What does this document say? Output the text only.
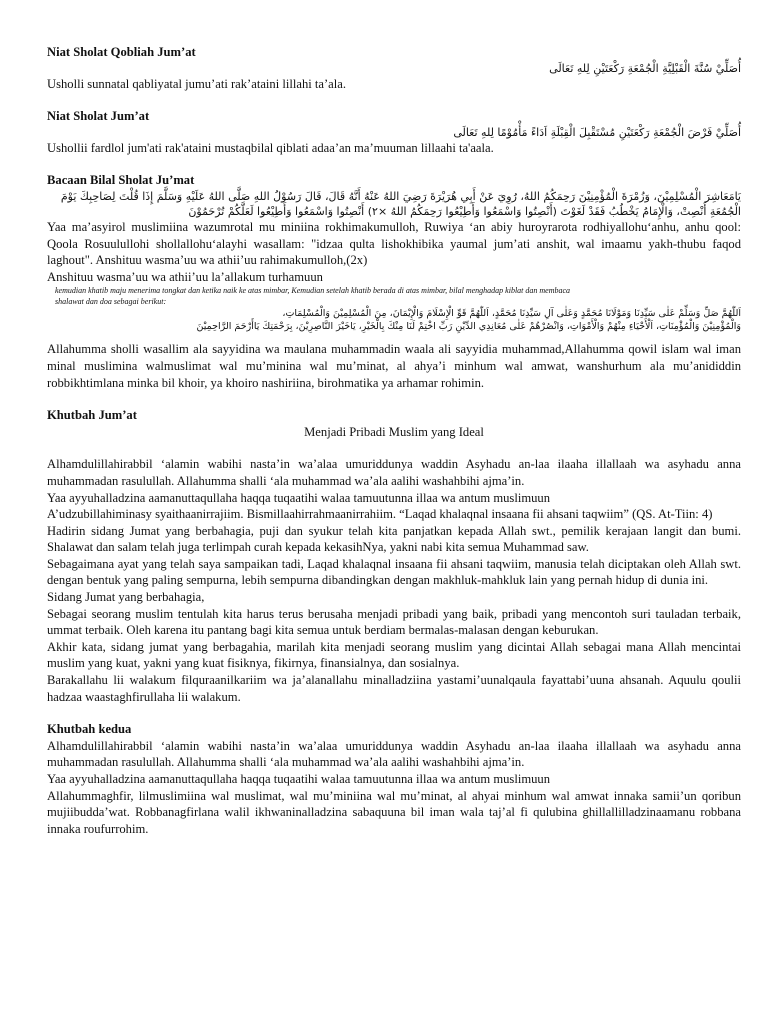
Niat Sholat Qobliah Jum’at

أُصَلِّيْ سُنَّةَ الْقَبْلِيَّةِ الْجُمْعَةِ رَكْعَتَيْنِ لِلهِ تَعَالَى

Usholli sunnatal qabliyatal jumu’ati rak’ataini lillahi ta’ala.

Niat Sholat Jum’at

أُصَلِّيْ فَرْضَ الْجُمْعَةِ رَكْعَتَيْنِ مُسْتَقْبِلَ الْقِبْلَةِ اَدَاءً مَأْمُوْمًا لِلهِ تَعَالَى

Ushollii fardlol jum'ati rak'ataini mustaqbilal qiblati adaa’an ma’muuman lillaahi ta'aala.

Bacaan Bilal Sholat Ju’mat

يَامَعَاشِرَ الْمُسْلِمِيْنَ، وَزُمْرَةَ الْمُؤْمِنِيْنَ رَحِمَكُمُ اللهُ، رُوِيَ عَنْ أَبِي هُرَيْرَةَ رَضِيَ اللهُ عَنْهُ أَنَّهُ قَالَ، قَالَ رَسُوْلُ اللهِ صَلَّى اللهُ عَلَيْهِ وَسَلَّمَ إِذَا قُلْتَ لِصَاحِبِكَ يَوْمَ

الْجُمُعَةِ أَنْصِتْ، وَالْإِمَامُ يَخْطُبُ فَقَدْ لَغَوْتَ (أَنْصِتُوا وَاسْمَعُوا وَأَطِيْعُوا رَحِمَكُمُ اللهُ ×٢) أَنْصِتُوا وَاسْمَعُوا وَأَطِيْعُوا لَعَلَّكُمْ تُرْحَمُوْنَ

Yaa ma’asyirol muslimiina wazumrotal mu miniina rokhimakumulloh, Ruwiya ‘an abiy huroyrarota rodhiyallohu‘anhu, anhu qool: Qoola Rosuulullohi shollallohu‘alayhi wasallam: "idzaa qulta lishokhibika yaumal jum’ati anshit, wal imaamu yakh-thubu faqod laghout". Anshituu wasma’uu wa athii’uu rahimakumulloh,(2x)

Anshituu wasma’uu wa athii’uu la’allakum turhamuun

kemudian khatib maju menerima tongkat dan ketika naik ke atas mimbar, Kemudian setelah khatib berada di atas mimbar, bilal menghadap kiblat dan membaca

shalawat dan doa sebagai berikut:

اَللّٰهُمَّ صَلِّ وَسَلِّمْ عَلٰى سَيِّدِنَا وَمَوْلَانَا مُحَمَّدٍ وَعَلٰى آلِ سَيِّدِنَا مُحَمَّدٍ، اَللّٰهُمَّ قَوِّ الْإِسْلَامَ وَالْإِيْمَانَ، مِنَ الْمُسْلِمِيْنَ وَالْمُسْلِمَاتِ،

وَالْمُؤْمِنِيْنَ وَالْمُؤْمِنَاتِ، اَلْأَحْيَاءِ مِنْهُمْ وَالْأَمْوَاتِ، وَانْصُرْهُمْ عَلٰى مُعَانِدِي الدِّيْنِ رَبِّ اخْتِمْ لَنَا مِنْكَ بِالْخَيْرِ، يَاخَيْرَ النَّاصِرِيْنَ، بِرَحْمَتِكَ يَاأَرْحَمَ الرَّاحِمِيْنَ

Allahumma sholli wasallim ala sayyidina wa maulana muhammadin waala ali sayyidia muhammad,Allahumma qowil islam wal iman minal muslimina walmuslimat wal mu’minina wal mu’minat, al ahya’i minhum wal amwat, wanshurhum ala mu’anididdin robbikhtimlana minka bil khoir, ya khoiro nashiriina, birohmatika ya arhamar rohimin.

Khutbah Jum’at

Menjadi Pribadi Muslim yang Ideal

Alhamdulillahirabbil ‘alamin wabihi nasta’in wa’alaa umuriddunya waddin Asyhadu an-laa ilaaha illallaah wa asyhadu anna muhammadan rasulullah. Allahumma shalli ‘ala muhammad wa’ala aalihi washahbihi ajma’in.

Yaa ayyuhalladzina aamanuttaqullaha haqqa tuqaatihi walaa tamuutunna illaa wa antum muslimuun

A’udzubillahiminasy syaithaanirrajiim. Bismillaahirrahmaanirrahiim. “Laqad khalaqnal insaana fii ahsani taqwiim” (QS. At-Tiin: 4)

Hadirin sidang Jumat yang berbahagia, puji dan syukur telah kita panjatkan kepada Allah swt., pemilik kerajaan langit dan bumi. Shalawat dan salam telah juga terlimpah curah kepada kekasihNya, yakni nabi kita semua Muhammad saw.

Sebagaimana ayat yang telah saya sampaikan tadi, Laqad khalaqnal insaana fii ahsani taqwiim, manusia telah diciptakan oleh Allah swt. dengan bentuk yang paling sempurna, lebih sempurna dibandingkan dengan makhluk-mahkluk lain yang pernah hidup di dunia ini.

Sidang Jumat yang berbahagia,

Sebagai seorang muslim tentulah kita harus terus berusaha menjadi pribadi yang baik, pribadi yang mencontoh suri tauladan terbaik, ummat terbaik. Oleh karena itu pantang bagi kita semua untuk berdiam bermalas-malasan dengan keburukan.

Akhir kata, sidang jumat yang berbagahia, marilah kita menjadi seorang muslim yang dicintai Allah sebagai mana Allah mencintai muslim yang kuat, yakni yang kuat fisiknya, fikirnya, finansialnya, dan sosialnya.

Barakallahu lii walakum filquraanilkariim wa ja’alanallahu minalladziina yastami’uunalqaula fayattabi’uuna ahsanah. Aquulu qoulii hadzaa waastaghfirullaha lii walakum.

Khutbah kedua

Alhamdulillahirabbil ‘alamin wabihi nasta’in wa’alaa umuriddunya waddin Asyhadu an-laa ilaaha illallaah wa asyhadu anna muhammadan rasulullah. Allahumma shalli ‘ala muhammad wa’ala aalihi washahbihi ajma’in.

Yaa ayyuhalladzina aamanuttaqullaha haqqa tuqaatihi walaa tamuutunna illaa wa antum muslimuun

Allahummaghfir, lilmuslimiina wal muslimat, wal mu’miniina wal mu’minat, al ahyai minhum wal amwat innaka samii’un qoribun mujiibudda’wat. Robbanagfirlana walil ikhwaninalladzina sabaquuna bil iman wala taj’al fi qulubina ghillallilladzinaamanu robbana innaka roufurrohim.
